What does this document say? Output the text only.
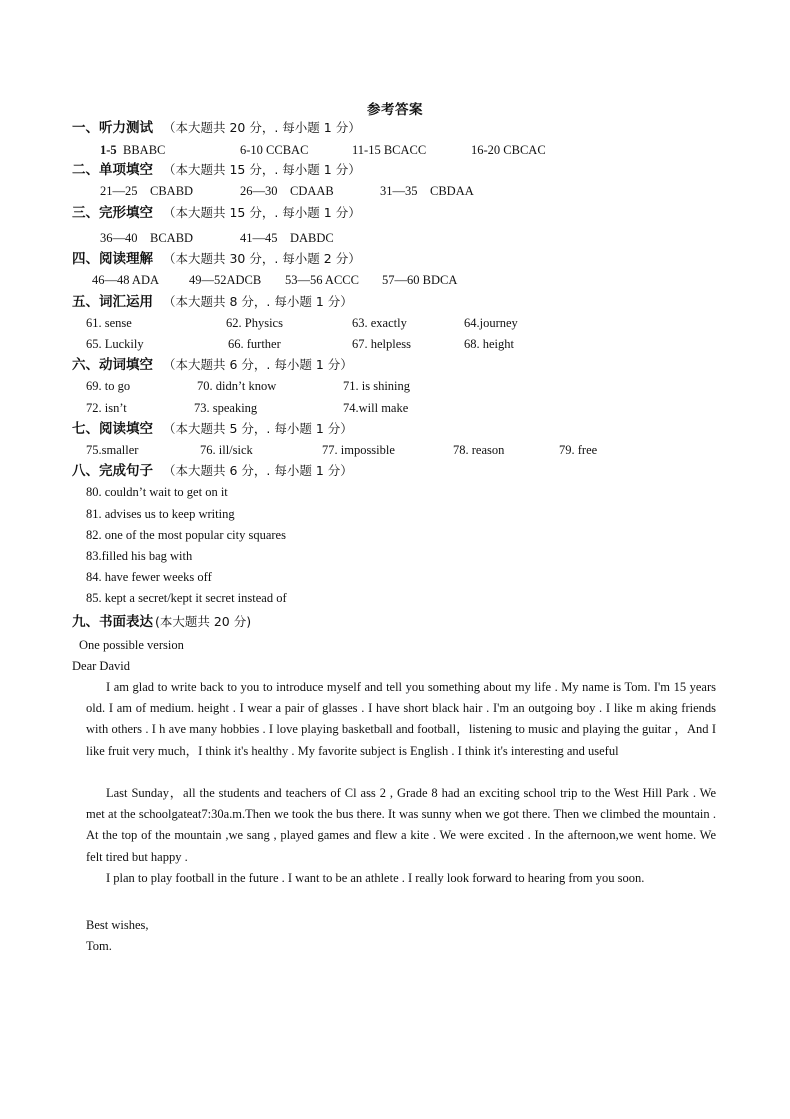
参考答案
一、听力测试 （本大题共 20 分，. 每小题 1 分）
1-5 BBABC	6-10 CCBAC	11-15 BCACC	16-20 CBCAC
二、单项填空 （本大题共 15 分，. 每小题 1 分）
21—25　CBABD	26—30　CDAAB	31—35　CBDAA
三、完形填空 （本大题共 15 分，. 每小题 1 分）
36—40　BCABD	41—45　DABDC
四、阅读理解 （本大题共 30 分，. 每小题 2 分）
46—48 ADA 49—52ADCB 53—56 ACCC 57—60 BDCA
五、词汇运用 （本大题共 8 分，. 每小题 1 分）
61. sense	62. Physics	63. exactly	64.journey
65. Luckily	66. further	67. helpless	68. height
六、动词填空 （本大题共 6 分，. 每小题 1 分）
69. to go	70. didn’t know	71. is shining
72. isn’t	73. speaking	74.will make
七、阅读填空 （本大题共 5 分，. 每小题 1 分）
75.smaller	76. ill/sick	77. impossible	78. reason	79. free
八、完成句子 （本大题共 6 分，. 每小题 1 分）
80. couldn’t wait to get on it
81. advises us to keep writing
82. one of the most popular city squares
83.filled his bag with
84. have fewer weeks off
85. kept a secret/kept it secret instead of
九、书面表达 (本大题共 20 分)
One possible version
Dear David
I am glad to write back to you to introduce myself and tell you something about my life . My name is Tom. I'm 15 years old. I am of medium. height . I wear a pair of glasses . I have short black hair . I'm an outgoing boy . I like m aking friends with others . I h ave many hobbies . I love playing basketball and football，listening to music and playing the guitar ，And I like fruit very much，I think it's healthy . My favorite subject is English . I think it's interesting and useful
Last Sunday，all the students and teachers of Cl ass 2 , Grade 8 had an exciting school trip to the West Hill Park . We met at the schoolgateat7:30a.m.Then we took the bus there. It was sunny when we got there. Then we climbed the mountain . At the top of the mountain ,we sang , played games and flew a kite . We were excited . In the afternoon,we went home. We felt tired but happy .
I plan to play football in the future . I want to be an athlete . I really look forward to hearing from you soon.
Best wishes,
Tom.
